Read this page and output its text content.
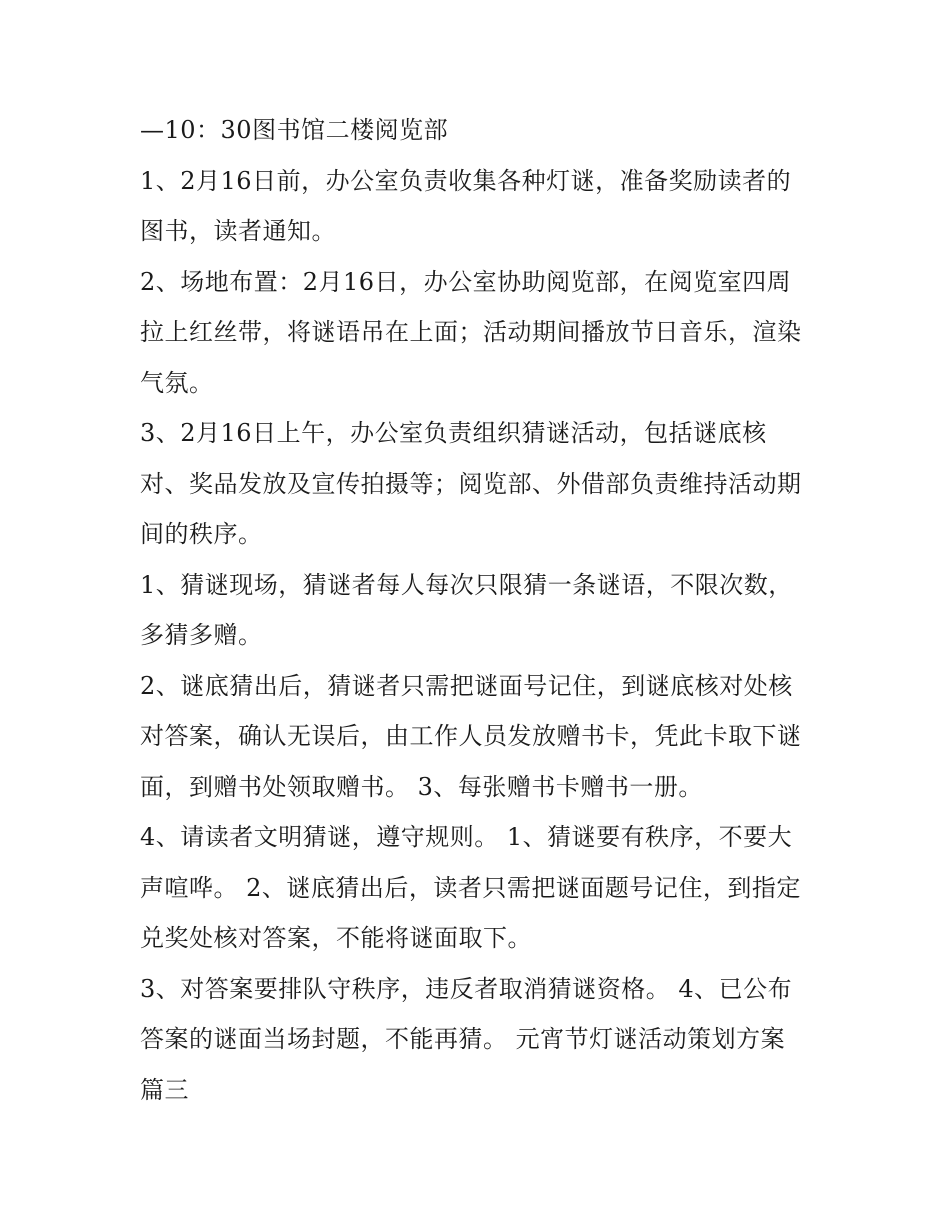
—10：30图书馆二楼阅览部
1、2月16日前，办公室负责收集各种灯谜，准备奖励读者的
图书，读者通知。
2、场地布置：2月16日，办公室协助阅览部，在阅览室四周
拉上红丝带，将谜语吊在上面；活动期间播放节日音乐，渲染
气氛。
3、2月16日上午，办公室负责组织猜谜活动，包括谜底核
对、奖品发放及宣传拍摄等；阅览部、外借部负责维持活动期
间的秩序。
1、猜谜现场，猜谜者每人每次只限猜一条谜语，不限次数，
多猜多赠。
2、谜底猜出后，猜谜者只需把谜面号记住，到谜底核对处核
对答案，确认无误后，由工作人员发放赠书卡，凭此卡取下谜
面，到赠书处领取赠书。 3、每张赠书卡赠书一册。
4、请读者文明猜谜，遵守规则。 1、猜谜要有秩序，不要大
声喧哗。 2、谜底猜出后，读者只需把谜面题号记住，到指定
兑奖处核对答案，不能将谜面取下。
3、对答案要排队守秩序，违反者取消猜谜资格。 4、已公布
答案的谜面当场封题，不能再猜。 元宵节灯谜活动策划方案
篇三
